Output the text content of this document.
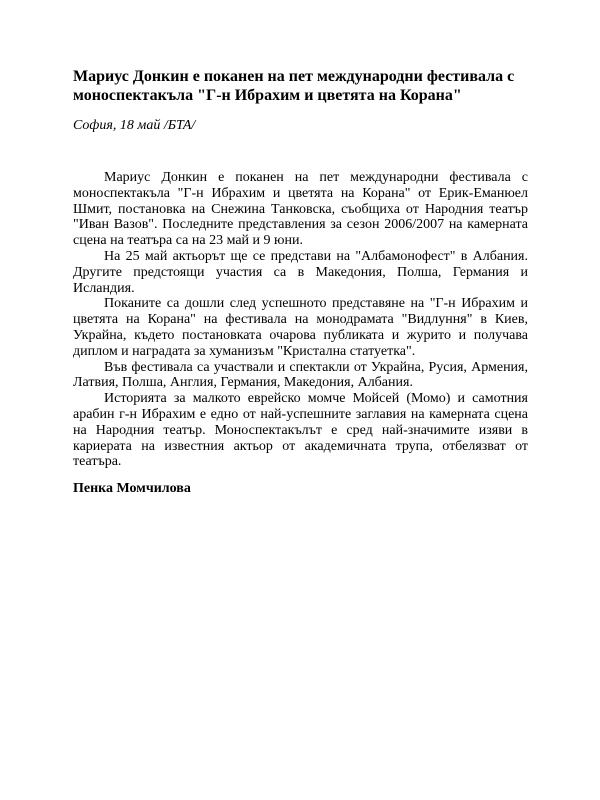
Мариус Донкин е поканен на пет международни фестивала с моноспектакъла "Г-н Ибрахим и цветята на Корана"

София, 18 май /БТА/

Мариус Донкин е поканен на пет международни фестивала с моноспектакъла "Г-н Ибрахим и цветята на Корана" от Ерик-Еманюел Шмит, постановка на Снежина Танковска, съобщиха от Народния театър "Иван Вазов". Последните представления за сезон 2006/2007 на камерната сцена на театъра са на 23 май и 9 юни.

На 25 май актьорът ще се представи на "Албамонофест" в Албания. Другите предстоящи участия са в Македония, Полша, Германия и Исландия.

Поканите са дошли след успешното представяне на "Г-н Ибрахим и цветята на Корана" на фестивала на монодрамата "Видлуння" в Киев, Украйна, където постановката очарова публиката и журито и получава диплом и наградата за хуманизъм "Кристална статуетка".

Във фестивала са участвали и спектакли от Украйна, Русия, Армения, Латвия, Полша, Англия, Германия, Македония, Албания.

Историята за малкото еврейско момче Мойсей (Момо) и самотния арабин г-н Ибрахим е едно от най-успешните заглавия на камерната сцена на Народния театър. Моноспектакълът е сред най-значимите изяви в кариерата на известния актьор от академичната трупа, отбелязват от театъра.

Пенка Момчилова
